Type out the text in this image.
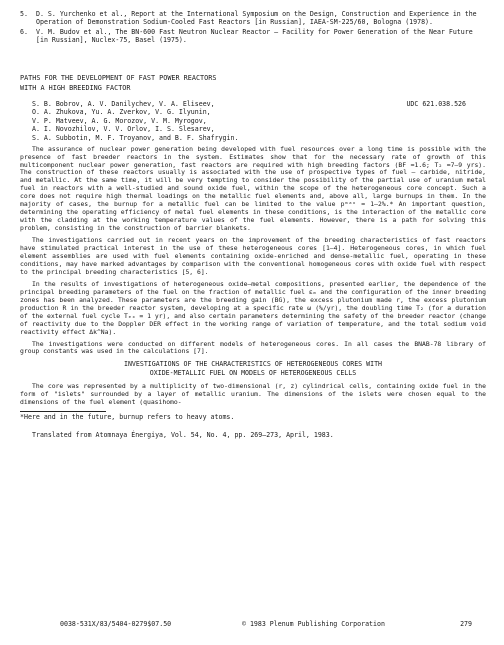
5.	D. S. Yurchenko et al., Report at the International Symposium on the Design, Construction and Experience in the Operation of Demonstration Sodium-Cooled Fast Reactors [in Russian], IAEA-SM-225/60, Bologna (1978).
6.	V. M. Budov et al., The BN-600 Fast Neutron Nuclear Reactor — Facility for Power Generation of the Near Future [in Russian], Nuclex-75, Basel (1975).
PATHS FOR THE DEVELOPMENT OF FAST POWER REACTORS
WITH A HIGH BREEDING FACTOR
UDC 621.038.526
S. B. Bobrov, A. V. Danilychev, V. A. Eliseev,
O. A. Zhukova, Yu. A. Zverkov, V. G. Ilyunin,
V. P. Matveev, A. G. Morozov, V. M. Myrogov,
A. I. Novozhilov, V. V. Orlov, I. S. Slesarev,
S. A. Subbotin, M. F. Troyanov, and B. F. Shafrygin.

The assurance of nuclear power generation being developed with fuel resources over a long time is possible with the presence of fast breeder reactors in the system. Estimates show that for the necessary rate of growth of this multicomponent nuclear power generation, fast reactors are required with high breeding factors (BF ≈1.6; T₂ ≈7–9 yrs). The construction of these reactors usually is associated with the use of prospective types of fuel — carbide, nitride, and metallic. At the same time, it will be very tempting to consider the possibility of the partial use of uranium metal fuel in reactors with a well-studied and sound oxide fuel, within the scope of the heterogeneous core concept. Such a core does not require high thermal loadings on the metallic fuel elements and, above all, large burnups in them. In the majority of cases, the burnup for a metallic fuel can be limited to the value pᵐᵃˣ ≈ 1–2%.* An important question, determining the operating efficiency of metal fuel elements in these conditions, is the interaction of the metallic core with the cladding at the working temperature values of the fuel elements. However, there is a path for solving this problem, consisting in the construction of barrier blankets.

The investigations carried out in recent years on the improvement of the breeding characteristics of fast reactors have stimulated practical interest in the use of these heterogeneous cores [1–4]. Heterogeneous cores, in which fuel element assemblies are used with fuel elements containing oxide-enriched and dense-metallic fuel, operating in these conditions, may have marked advantages by comparison with the conventional homogeneous cores with oxide fuel with respect to the principal breeding characteristics [5, 6].

In the results of investigations of heterogeneous oxide–metal compositions, presented earlier, the dependence of the principal breeding parameters of the fuel on the fraction of metallic fuel εₘ and the configuration of the inner breeding zones has been analyzed. These parameters are the breeding gain (BG), the excess plutonium made r, the excess plutonium production R in the breeder reactor system, developing at a specific rate ω (%/yr), the doubling time T₂ (for a duration of the external fuel cycle Tₑₓ = 1 yr), and also certain parameters determining the safety of the breeder reactor (change of reactivity due to the Doppler DER effect in the working range of variation of temperature, and the total sodium void reactivity effect Δk^Na).

The investigations were conducted on different models of heterogeneous cores. In all cases the BNAB-78 library of group constants was used in the calculations [7].

INVESTIGATIONS OF THE CHARACTERISTICS OF HETEROGENEOUS CORES WITH
OXIDE-METALLIC FUEL ON MODELS OF HETEROGENEOUS CELLS

The core was represented by a multiplicity of two-dimensional (r, z) cylindrical cells, containing oxide fuel in the form of "islets" surrounded by a layer of metallic uranium. The dimensions of the islets were chosen equal to the dimensions of the fuel element (quasihomo-

*Here and in the future, burnup refers to heavy atoms.
Translated from Atomnaya Énergiya, Vol. 54, No. 4, pp. 269–273, April, 1983.
0038-531X/83/5404-0279$07.50	© 1983 Plenum Publishing Corporation	279
